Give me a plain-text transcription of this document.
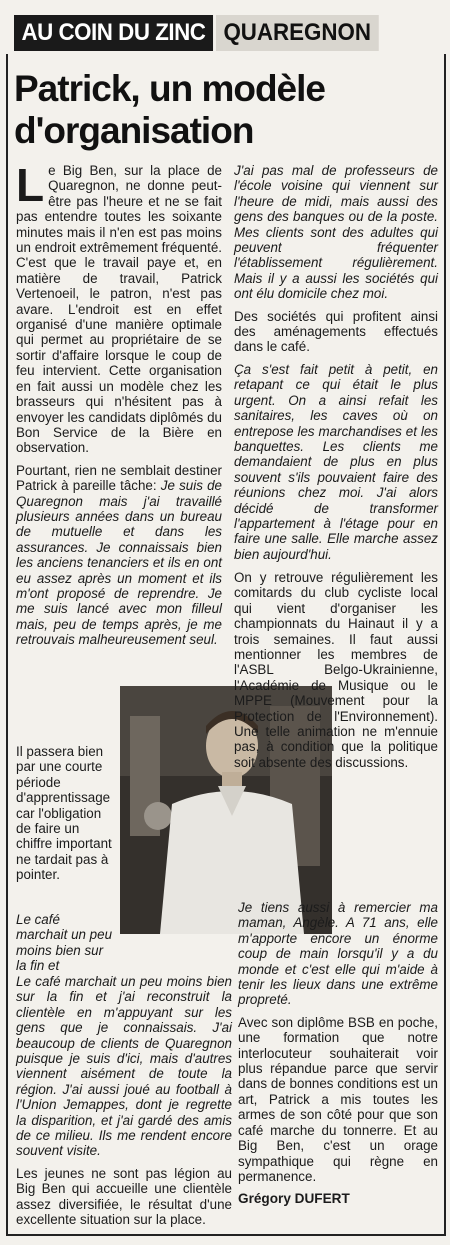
AU COIN DU ZINC QUAREGNON
Patrick, un modèle d'organisation

Le Big Ben, sur la place de Quaregnon, ne donne peut-être pas l'heure et ne se fait pas entendre toutes les soixante minutes mais il n'en est pas moins un endroit extrêmement fréquenté. C'est que le travail paye et, en matière de travail, Patrick Vertenoeil, le patron, n'est pas avare. L'endroit est en effet organisé d'une manière optimale qui permet au propriétaire de se sortir d'affaire lorsque le coup de feu intervient. Cette organisation en fait aussi un modèle chez les brasseurs qui n'hésitent pas à envoyer les candidats diplômés du Bon Service de la Bière en observation.

Pourtant, rien ne semblait destiner Patrick à pareille tâche: Je suis de Quaregnon mais j'ai travaillé plusieurs années dans un bureau de mutuelle et dans les assurances. Je connaissais bien les anciens tenanciers et ils en ont eu assez après un moment et ils m'ont proposé de reprendre. Je me suis lancé avec mon filleul mais, peu de temps après, je me retrouvais malheureusement seul.

Il passera bien par une courte période d'apprentissage car l'obligation de faire un chiffre important ne tardait pas à pointer.

Le café marchait un peu moins bien sur la fin et

Le café marchait un peu moins bien sur la fin et j'ai reconstruit la clientèle en m'appuyant sur les gens que je connaissais. J'ai beaucoup de clients de Quaregnon puisque je suis d'ici, mais d'autres viennent aisément de toute la région. J'ai aussi joué au football à l'Union Jemappes, dont je regrette la disparition, et j'ai gardé des amis de ce milieu. Ils me rendent encore souvent visite.

Les jeunes ne sont pas légion au Big Ben qui accueille une clientèle assez diversifiée, le résultat d'une excellente situation sur la place.

J'ai pas mal de professeurs de l'école voisine qui viennent sur l'heure de midi, mais aussi des gens des banques ou de la poste. Mes clients sont des adultes qui peuvent fréquenter l'établissement régulièrement. Mais il y a aussi les sociétés qui ont élu domicile chez moi.

Des sociétés qui profitent ainsi des aménagements effectués dans le café.

Ça s'est fait petit à petit, en retapant ce qui était le plus urgent. On a ainsi refait les sanitaires, les caves où on entrepose les marchandises et les banquettes. Les clients me demandaient de plus en plus souvent s'ils pouvaient faire des réunions chez moi. J'ai alors décidé de transformer l'appartement à l'étage pour en faire une salle. Elle marche assez bien aujourd'hui.

On y retrouve régulièrement les comitards du club cycliste local qui vient d'organiser les championnats du Hainaut il y a trois semaines. Il faut aussi mentionner les membres de l'ASBL Belgo-Ukrainienne, l'Académie de Musique ou le MPPE (Mouvement pour la Protection de l'Environnement). Une telle animation ne m'ennuie pas, à condition que la politique soit absente des discussions.

Je tiens aussi à remercier ma maman, Angèle. A 71 ans, elle m'apporte encore un énorme coup de main lorsqu'il y a du monde et c'est elle qui m'aide à tenir les lieux dans une extrême propreté.

Avec son diplôme BSB en poche, une formation que notre interlocuteur souhaiterait voir plus répandue parce que servir dans de bonnes conditions est un art, Patrick a mis toutes les armes de son côté pour que son café marche du tonnerre. Et au Big Ben, c'est un orage sympathique qui règne en permanence.

Grégory DUFERT
